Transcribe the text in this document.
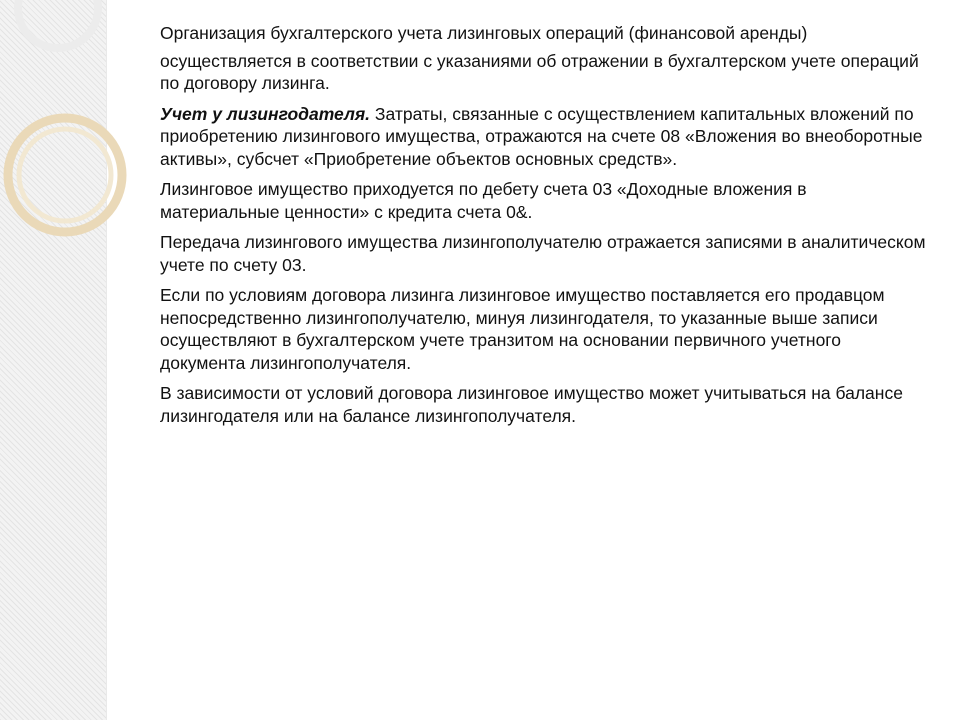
Организация бухгалтерского учета лизинговых операций (финансовой аренды)

осуществляется в соответствии с указаниями об отражении в бухгалтерском учете операций по договору лизинга.

Учет у лизингодателя. Затраты, связанные с осуществлением капитальных вложений по приобретению лизингового имущества, отражаются на счете 08 «Вложения во внеоборотные активы», субсчет «Приобретение объектов основных средств».

Лизинговое имущество приходуется по дебету счета 03 «Доходные вложения в материальные ценности» с кредита счета 0&.

Передача лизингового имущества лизингополучателю отражается записями в аналитическом учете по счету 03.

Если по условиям договора лизинга лизинговое имущество поставляется его продавцом непосредственно лизингополучателю, минуя лизингодателя, то указанные выше записи осуществляют в бухгалтерском учете транзитом на основании первичного учетного документа лизингополучателя.

В зависимости от условий договора лизинговое имущество может учитываться на балансе лизингодателя или на балансе лизингополучателя.
